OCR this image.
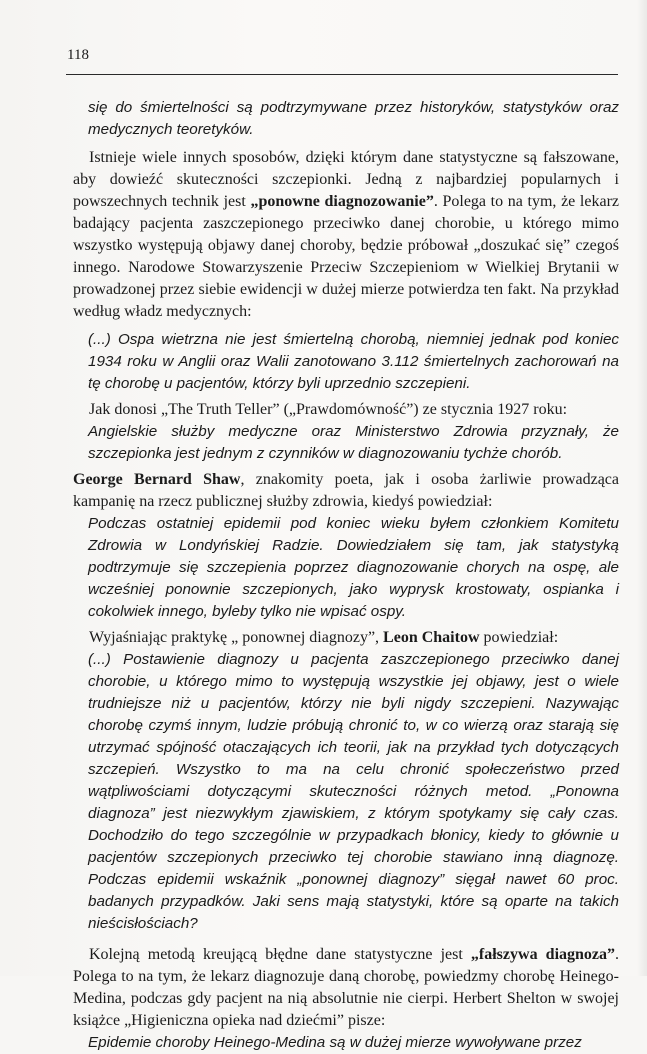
118

się do śmiertelności są podtrzymywane przez historyków, statystyków oraz medycznych teoretyków.

Istnieje wiele innych sposobów, dzięki którym dane statystyczne są fałszowane, aby dowieźć skuteczności szczepionki. Jedną z najbardziej popularnych i powszechnych technik jest „ponowne diagnozowanie”. Polega to na tym, że lekarz badający pacjenta zaszczepionego przeciwko danej chorobie, u którego mimo wszystko występują objawy danej choroby, będzie próbował „doszukać się” czegoś innego. Narodowe Stowarzyszenie Przeciw Szczepieniom w Wielkiej Brytanii w prowadzonej przez siebie ewidencji w dużej mierze potwierdza ten fakt. Na przykład według władz medycznych:

(...) Ospa wietrzna nie jest śmiertelną chorobą, niemniej jednak pod koniec 1934 roku w Anglii oraz Walii zanotowano 3.112 śmiertelnych zachorowań na tę chorobę u pacjentów, którzy byli uprzednio szczepieni.

Jak donosi „The Truth Teller” („Prawdomówność”) ze stycznia 1927 roku:

Angielskie służby medyczne oraz Ministerstwo Zdrowia przyznały, że szczepionka jest jednym z czynników w diagnozowaniu tychże chorób.

George Bernard Shaw, znakomity poeta, jak i osoba żarliwie prowadząca kampanię na rzecz publicznej służby zdrowia, kiedyś powiedział:

Podczas ostatniej epidemii pod koniec wieku byłem członkiem Komitetu Zdrowia w Londyńskiej Radzie. Dowiedziałem się tam, jak statystyką podtrzymuje się szczepienia poprzez diagnozowanie chorych na ospę, ale wcześniej ponownie szczepionych, jako wyprysk krostowaty, ospianka i cokolwiek innego, byleby tylko nie wpisać ospy.

Wyjaśniając praktykę „ ponownej diagnozy”, Leon Chaitow powiedział:

(...) Postawienie diagnozy u pacjenta zaszczepionego przeciwko danej chorobie, u którego mimo to występują wszystkie jej objawy, jest o wiele trudniejsze niż u pacjentów, którzy nie byli nigdy szczepieni. Nazywając chorobę czymś innym, ludzie próbują chronić to, w co wierzą oraz starają się utrzymać spójność otaczających ich teorii, jak na przykład tych dotyczących szczepień. Wszystko to ma na celu chronić społeczeństwo przed wątpliwościami dotyczącymi skuteczności różnych metod. „Ponowna diagnoza” jest niezwykłym zjawiskiem, z którym spotykamy się cały czas. Dochodziło do tego szczególnie w przypadkach błonicy, kiedy to głównie u pacjentów szczepionych przeciwko tej chorobie stawiano inną diagnozę. Podczas epidemii wskaźnik „ponownej diagnozy” sięgał nawet 60 proc. badanych przypadków. Jaki sens mają statystyki, które są oparte na takich nieścisłościach?

Kolejną metodą kreującą błędne dane statystyczne jest „fałszywa diagnoza”. Polega to na tym, że lekarz diagnozuje daną chorobę, powiedzmy chorobę Heinego-Medina, podczas gdy pacjent na nią absolutnie nie cierpi. Herbert Shelton w swojej książce „Higieniczna opieka nad dziećmi” pisze:

Epidemie choroby Heinego-Medina są w dużej mierze wywoływane przez
